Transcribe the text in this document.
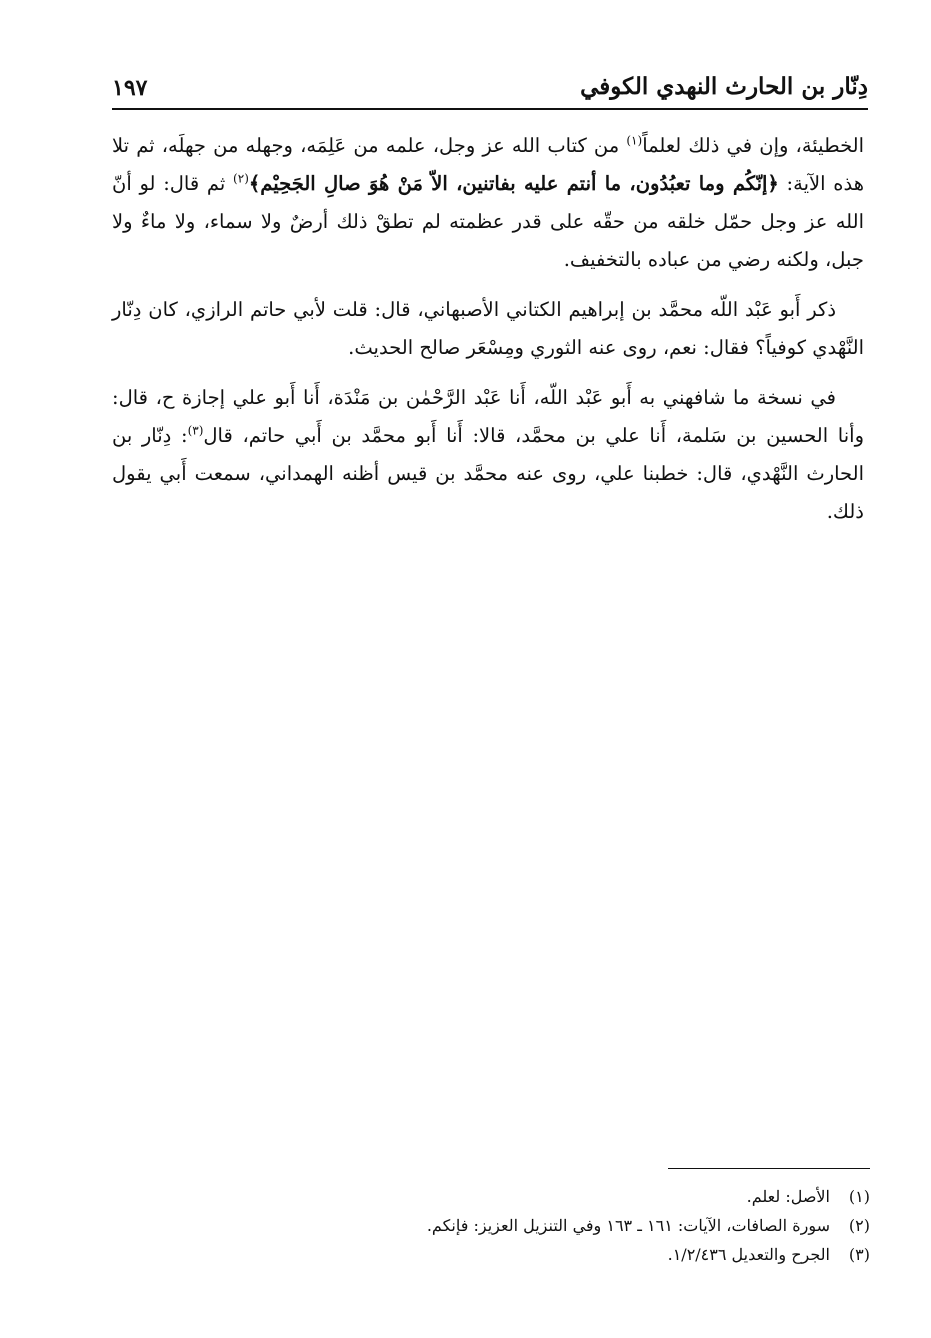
دِنّار بن الحارث النهدي الكوفي
١٩٧

الخطيئة، وإن في ذلك لعلماً$^{(١)}$ من كتاب الله عز وجل، علمه من عَلِمَه، وجهله من جهلَه، ثم تلا هذه الآية: ﴿إنّكُم وما تعبُدُون، ما أنتم عليه بفاتنين، الاّ مَنْ هُوَ صالِ الجَحِيْم﴾$^{(٢)}$ ثم قال: لو أنّ الله عز وجل حمّل خلقه من حقّه على قدر عظمته لم تطقْ ذلك أرضٌ ولا سماء، ولا ماءٌ ولا جبل، ولكنه رضي من عباده بالتخفيف.

ذكر أَبو عَبْد اللّه محمَّد بن إبراهيم الكتاني الأصبهاني، قال: قلت لأبي حاتم الرازي، كان دِنّار النَّهْدي كوفياً؟ فقال: نعم، روى عنه الثوري ومِسْعَر صالح الحديث.

في نسخة ما شافهني به أَبو عَبْد اللّه، أَنا عَبْد الرَّحْمٰن بن مَنْدَة، أَنا أَبو علي إجازة ح، قال: وأنا الحسين بن سَلمة، أَنا علي بن محمَّد، قالا: أَنا أَبو محمَّد بن أَبي حاتم، قال$^{(٣)}$: دِنّار بن الحارث النَّهْدي، قال: خطبنا علي، روى عنه محمَّد بن قيس أظنه الهمداني، سمعت أَبي يقول ذلك.

(١)الأصل: لعلم.
(٢)سورة الصافات، الآيات: ١٦١ ـ ١٦٣ وفي التنزيل العزيز: فإنكم.
(٣)الجرح والتعديل ١/٢/٤٣٦.
